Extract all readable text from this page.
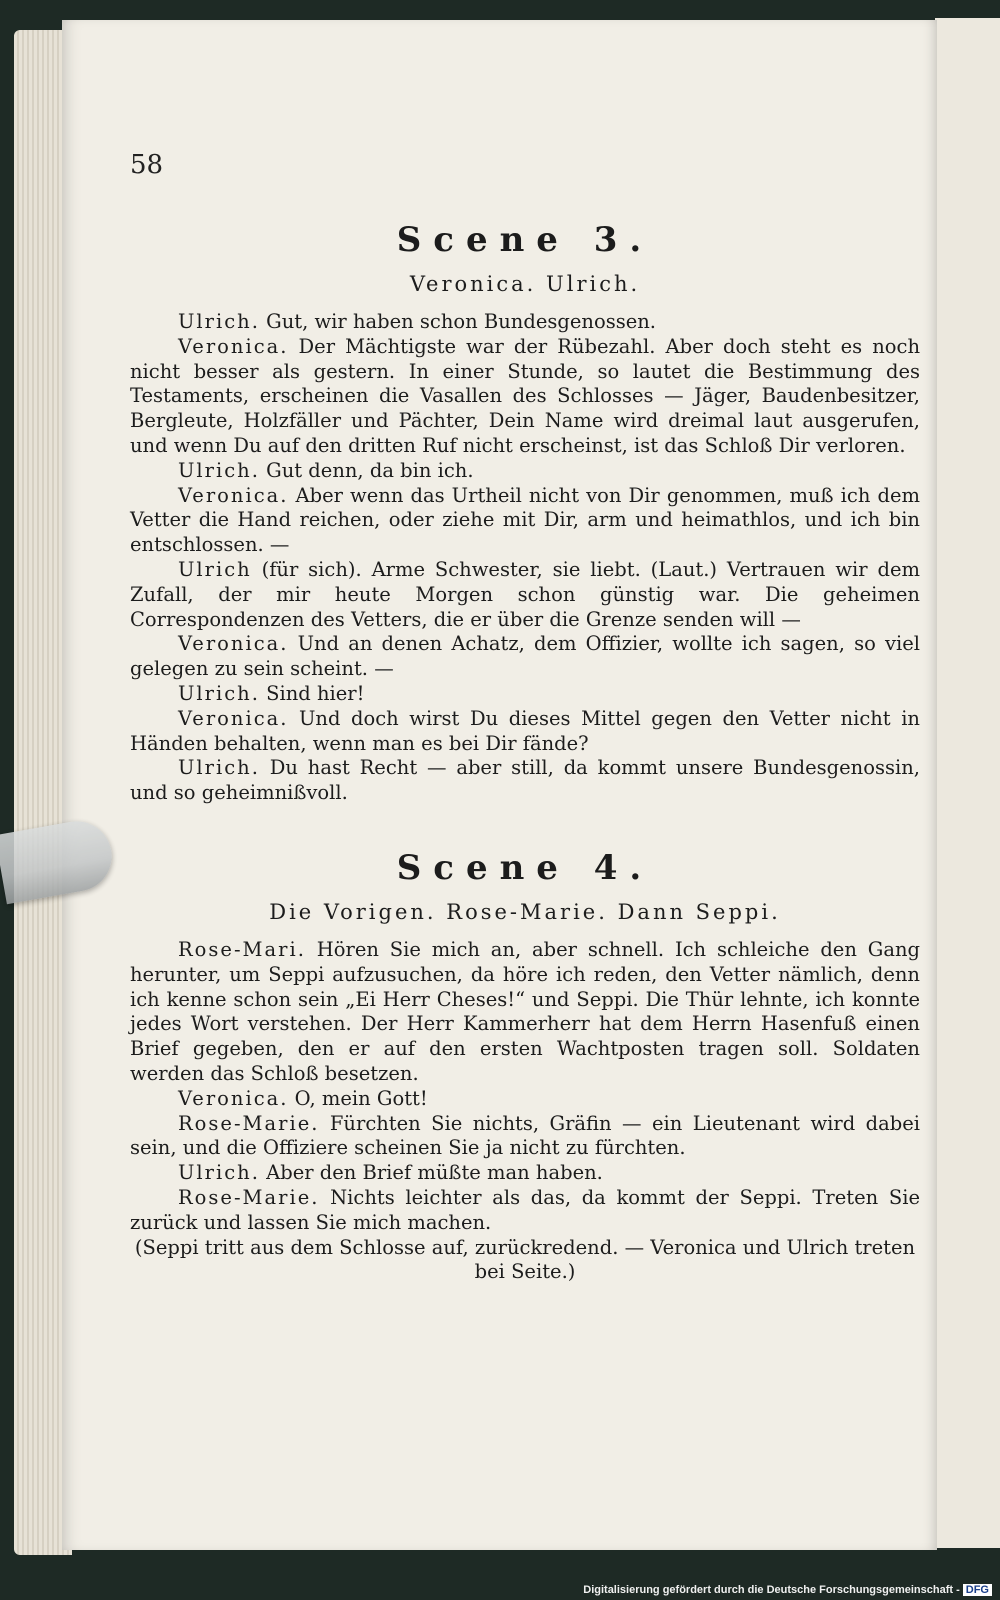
58
Scene 3.
Veronica. Ulrich.

Ulrich. Gut, wir haben schon Bundesgenossen.

Veronica. Der Mächtigste war der Rübezahl. Aber doch steht es noch nicht besser als gestern. In einer Stunde, so lautet die Bestimmung des Testaments, erscheinen die Vasallen des Schlosses — Jäger, Baudenbesitzer, Bergleute, Holzfäller und Pächter, Dein Name wird dreimal laut ausgerufen, und wenn Du auf den dritten Ruf nicht erscheinst, ist das Schloß Dir verloren.

Ulrich. Gut denn, da bin ich.

Veronica. Aber wenn das Urtheil nicht von Dir genommen, muß ich dem Vetter die Hand reichen, oder ziehe mit Dir, arm und heimathlos, und ich bin entschlossen. —

Ulrich (für sich). Arme Schwester, sie liebt. (Laut.) Vertrauen wir dem Zufall, der mir heute Morgen schon günstig war. Die geheimen Correspondenzen des Vetters, die er über die Grenze senden will —

Veronica. Und an denen Achatz, dem Offizier, wollte ich sagen, so viel gelegen zu sein scheint. —

Ulrich. Sind hier!

Veronica. Und doch wirst Du dieses Mittel gegen den Vetter nicht in Händen behalten, wenn man es bei Dir fände?

Ulrich. Du hast Recht — aber still, da kommt unsere Bundesgenossin, und so geheimnißvoll.

Scene 4.
Die Vorigen. Rose-Marie. Dann Seppi.

Rose-Mari. Hören Sie mich an, aber schnell. Ich schleiche den Gang herunter, um Seppi aufzusuchen, da höre ich reden, den Vetter nämlich, denn ich kenne schon sein „Ei Herr Cheses!“ und Seppi. Die Thür lehnte, ich konnte jedes Wort verstehen. Der Herr Kammerherr hat dem Herrn Hasenfuß einen Brief gegeben, den er auf den ersten Wachtposten tragen soll. Soldaten werden das Schloß besetzen.

Veronica. O, mein Gott!

Rose-Marie. Fürchten Sie nichts, Gräfin — ein Lieutenant wird dabei sein, und die Offiziere scheinen Sie ja nicht zu fürchten.

Ulrich. Aber den Brief müßte man haben.

Rose-Marie. Nichts leichter als das, da kommt der Seppi. Treten Sie zurück und lassen Sie mich machen.

(Seppi tritt aus dem Schlosse auf, zurückredend. — Veronica und Ulrich treten bei Seite.)

Digitalisierung gefördert durch die Deutsche Forschungsgemeinschaft - DFG
